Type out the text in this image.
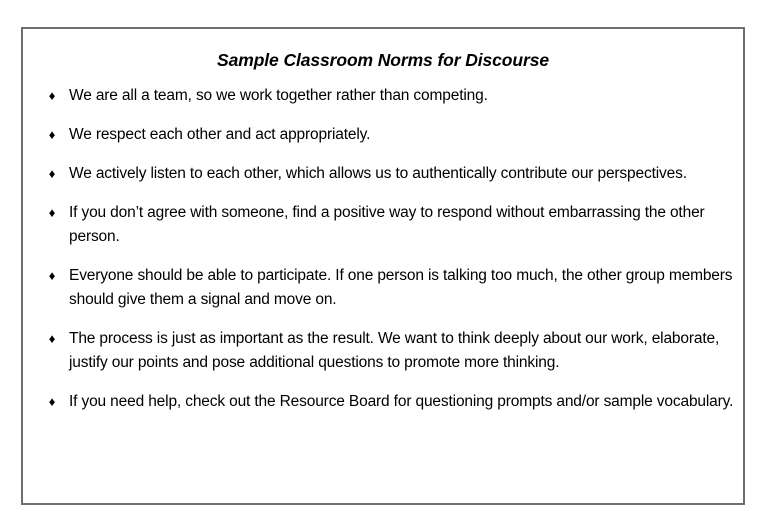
Sample Classroom Norms for Discourse
♦ We are all a team, so we work together rather than competing.
♦ We respect each other and act appropriately.
♦ We actively listen to each other, which allows us to authentically contribute our perspectives.
♦ If you don’t agree with someone, find a positive way to respond without embarrassing the other person.
♦ Everyone should be able to participate. If one person is talking too much, the other group members should give them a signal and move on.
♦ The process is just as important as the result. We want to think deeply about our work, elaborate, justify our points and pose additional questions to promote more thinking.
♦ If you need help, check out the Resource Board for questioning prompts and/or sample vocabulary.
